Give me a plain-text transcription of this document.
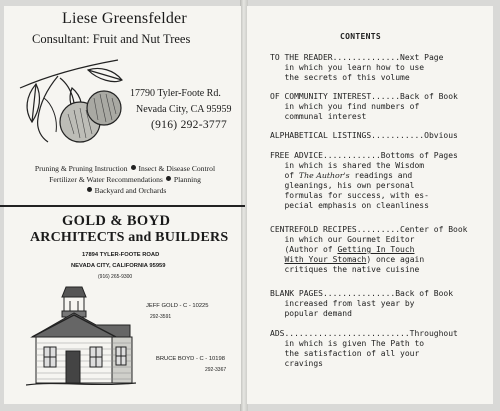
Liese Greensfelder
Consultant: Fruit and Nut Trees
17790 Tyler-Foote Rd.
Nevada City, CA 95959
(916) 292-3777
Pruning & Pruning Instruction Insect & Disease Control
Fertilizer & Water Recommendations Planning
Backyard and Orchards
GOLD & BOYD
ARCHITECTS and BUILDERS
17894 TYLER-FOOTE ROAD
NEVADA CITY, CALIFORNIA 95959
(916) 265-9300
JEFF GOLD - C - 10225
292-3591
BRUCE BOYD - C - 10198
292-3367
CONTENTS
TO THE READER..............Next Page
in which you learn how to use
the secrets of this volume
OF COMMUNITY INTEREST......Back of Book
in which you find numbers of
communal interest
ALPHABETICAL LISTINGS...........Obvious
FREE ADVICE............Bottoms of Pages
in which is shared the Wisdom
of The Author's readings and
gleanings, his own personal
formulas for success, with es-
pecial emphasis on cleanliness
CENTREFOLD RECIPES.........Center of Book
in which our Gourmet Editor
(Author of Getting In Touch
With Your Stomach) once again
critiques the native cuisine
BLANK PAGES...............Back of Book
increased from last year by
popular demand
ADS..........................Throughout
in which is given The Path to
the satisfaction of all your
cravings
